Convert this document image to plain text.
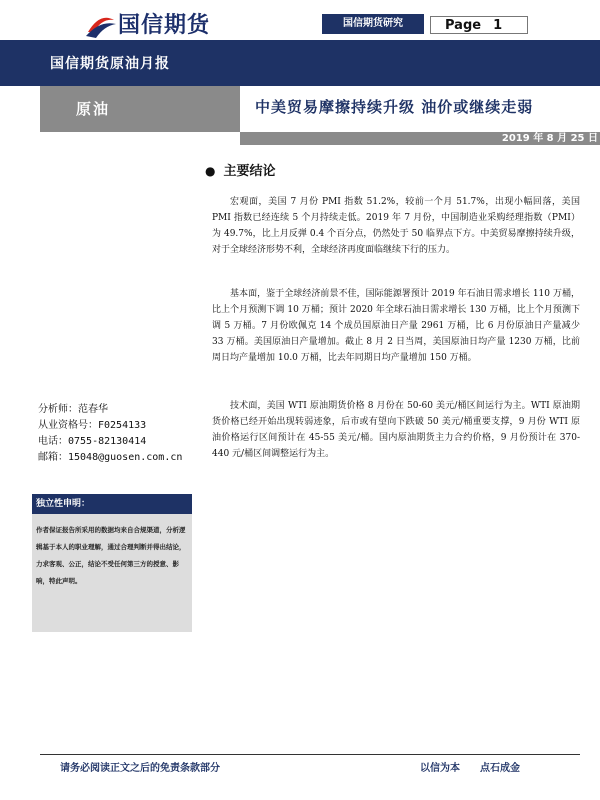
国信期货	国信期货研究	Page 1
国信期货原油月报
原油	中美贸易摩擦持续升级 油价或继续走弱
2019 年 8 月 25 日
● 主要结论

宏观面，美国 7 月份 PMI 指数 51.2%，较前一个月 51.7%，出现小幅回落，美国 PMI 指数已经连续 5 个月持续走低。2019 年 7 月份，中国制造业采购经理指数（PMI）为 49.7%，比上月反弹 0.4 个百分点，仍然处于 50 临界点下方。中美贸易摩擦持续升级，对于全球经济形势不利，全球经济再度面临继续下行的压力。

基本面，鉴于全球经济前景不佳，国际能源署预计 2019 年石油日需求增长 110 万桶，比上个月预测下调 10 万桶；预计 2020 年全球石油日需求增长 130 万桶，比上个月预测下调 5 万桶。7 月份欧佩克 14 个成员国原油日产量 2961 万桶，比 6 月份原油日产量减少 33 万桶。美国原油日产量增加。截止 8 月 2 日当周，美国原油日均产量 1230 万桶，比前周日均产量增加 10.0 万桶，比去年同期日均产量增加 150 万桶。

技术面，美国 WTI 原油期货价格 8 月份在 50-60 美元/桶区间运行为主。WTI 原油期货价格已经开始出现转弱迹象，后市或有望向下跌破 50 美元/桶重要支撑，9 月份 WTI 原油价格运行区间预计在 45-55 美元/桶。国内原油期货主力合约价格，9 月份预计在 370-440 元/桶区间调整运行为主。

分析师：范春华
从业资格号：F0254133
电话：0755-82130414
邮箱：15048@guosen.com.cn
独立性申明：
作者保证报告所采用的数据均来自合规渠道，分析逻辑基于本人的职业理解，通过合理判断并得出结论，力求客观、公正，结论不受任何第三方的授意、影响，特此声明。
请务必阅读正文之后的免责条款部分	以信为本 点石成金
